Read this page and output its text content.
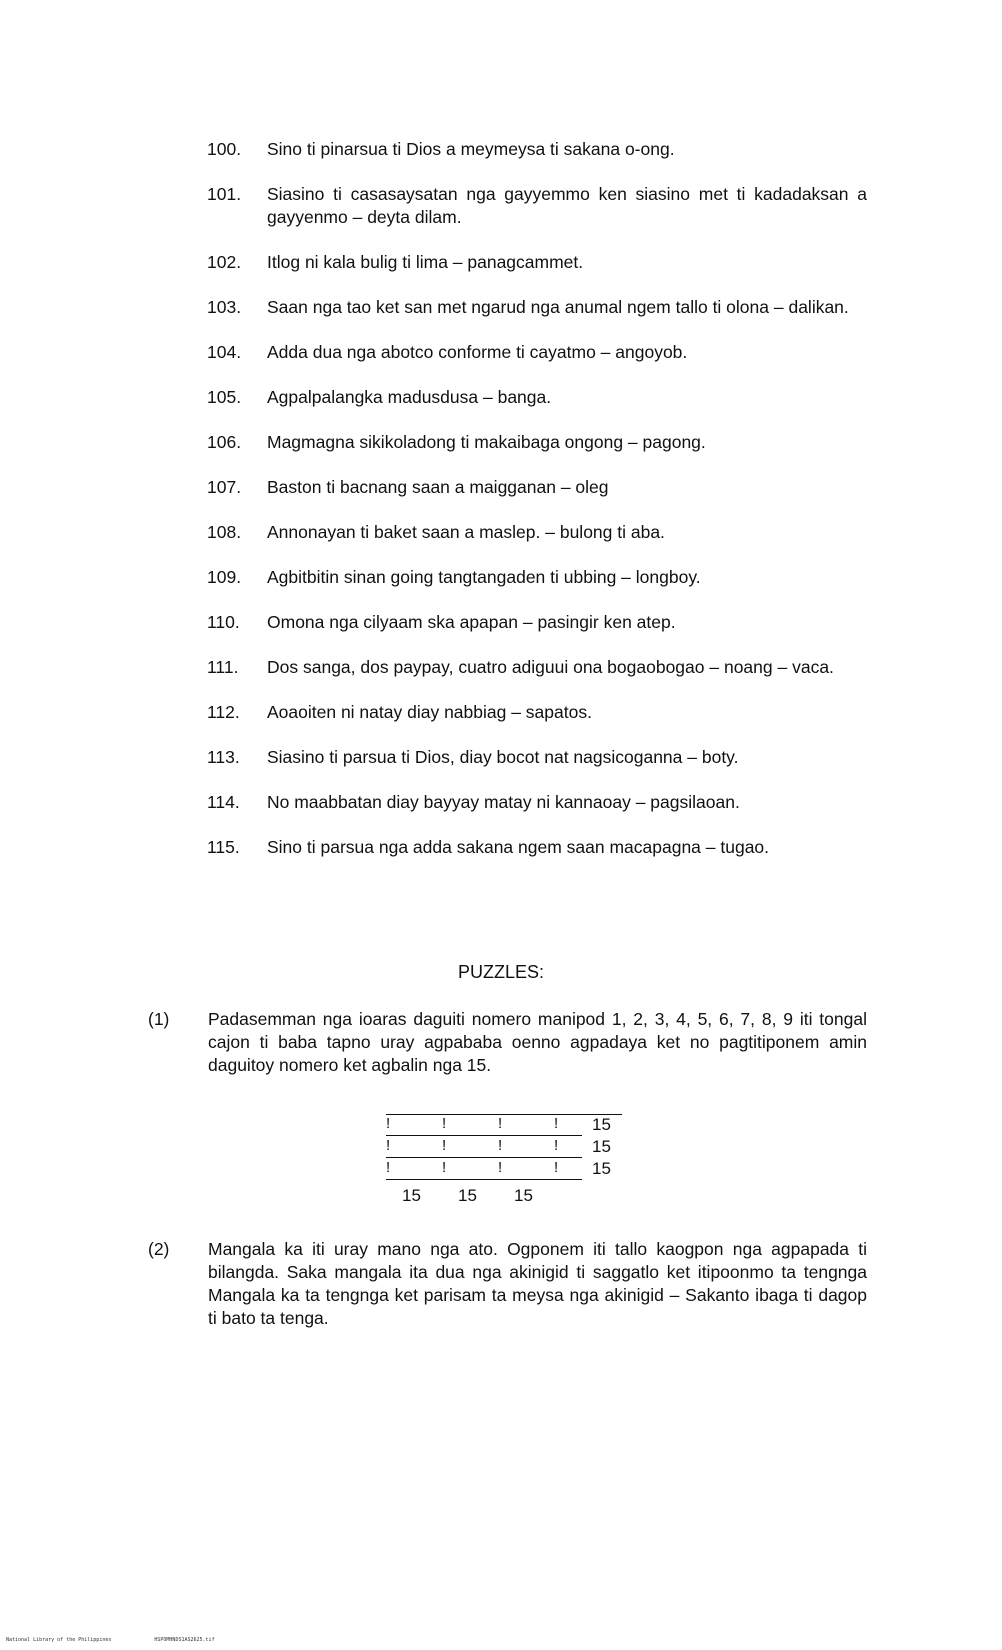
100.	Sino ti pinarsua ti Dios a meymeysa ti sakana o-ong.
101.	Siasino ti casasaysatan nga gayyemmo ken siasino met ti kadadaksan a gayyenmo – deyta dilam.
102.	Itlog ni kala bulig ti lima – panagcammet.
103.	Saan nga tao ket san met ngarud nga anumal ngem tallo ti olona – dalikan.
104.	Adda dua nga abotco conforme ti cayatmo – angoyob.
105.	Agpalpalangka madusdusa – banga.
106.	Magmagna sikikoladong ti makaibaga ongong – pagong.
107.	Baston ti bacnang saan a maigganan – oleg
108.	Annonayan ti baket saan a maslep. – bulong ti aba.
109.	Agbitbitin sinan going tangtangaden ti ubbing – longboy.
110.	Omona nga cilyaam ska apapan – pasingir ken atep.
111.	Dos sanga, dos paypay, cuatro adiguui ona bogaobogao – noang – vaca.
112.	Aoaoiten ni natay diay nabbiag – sapatos.
113.	Siasino ti parsua ti Dios, diay bocot nat nagsicoganna – boty.
114.	No maabbatan diay bayyay matay ni kannaoay – pagsilaoan.
115.	Sino ti parsua nga adda sakana ngem saan macapagna – tugao.
PUZZLES:
(1)	Padasemman nga ioaras daguiti nomero manipod 1, 2, 3, 4, 5, 6, 7, 8, 9 iti tongal cajon ti baba tapno uray agpababa oenno agpadaya ket no pagtitiponem amin daguitoy nomero ket agbalin nga 15.
!	!	!	! 15
!	!	!	! 15
!	!	!	! 15
15 15 15
(2)	Mangala ka iti uray mano nga ato. Ogponem iti tallo kaogpon nga agpapada ti bilangda. Saka mangala ita dua nga akinigid ti saggatlo ket itipoonmo ta tengnga Mangala ka ta tengnga ket parisam ta meysa nga akinigid – Sakanto ibaga ti dagop ti bato ta tenga.
National Library of the Philippines	HSPOMHNDS1AS2625.tif
